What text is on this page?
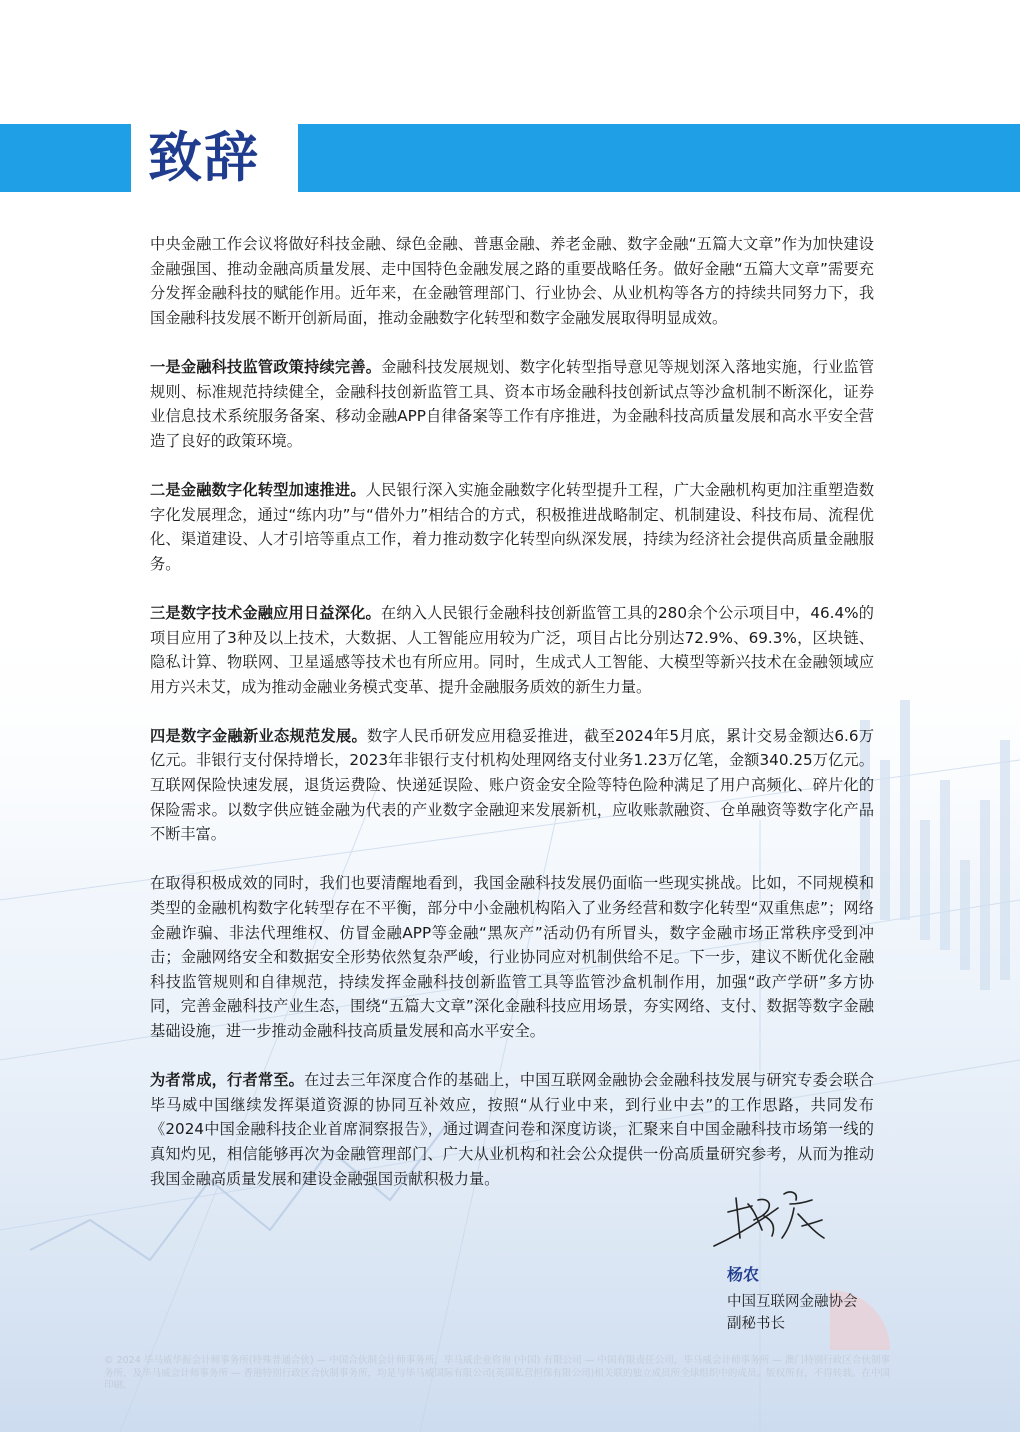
致辞

中央金融工作会议将做好科技金融、绿色金融、普惠金融、养老金融、数字金融“五篇大文章”作为加快建设金融强国、推动金融高质量发展、走中国特色金融发展之路的重要战略任务。做好金融“五篇大文章”需要充分发挥金融科技的赋能作用。近年来，在金融管理部门、行业协会、从业机构等各方的持续共同努力下，我国金融科技发展不断开创新局面，推动金融数字化转型和数字金融发展取得明显成效。

一是金融科技监管政策持续完善。金融科技发展规划、数字化转型指导意见等规划深入落地实施，行业监管规则、标准规范持续健全，金融科技创新监管工具、资本市场金融科技创新试点等沙盒机制不断深化，证券业信息技术系统服务备案、移动金融APP自律备案等工作有序推进，为金融科技高质量发展和高水平安全营造了良好的政策环境。

二是金融数字化转型加速推进。人民银行深入实施金融数字化转型提升工程，广大金融机构更加注重塑造数字化发展理念，通过“练内功”与“借外力”相结合的方式，积极推进战略制定、机制建设、科技布局、流程优化、渠道建设、人才引培等重点工作，着力推动数字化转型向纵深发展，持续为经济社会提供高质量金融服务。

三是数字技术金融应用日益深化。在纳入人民银行金融科技创新监管工具的280余个公示项目中，46.4%的项目应用了3种及以上技术，大数据、人工智能应用较为广泛，项目占比分别达72.9%、69.3%，区块链、隐私计算、物联网、卫星遥感等技术也有所应用。同时，生成式人工智能、大模型等新兴技术在金融领域应用方兴未艾，成为推动金融业务模式变革、提升金融服务质效的新生力量。

四是数字金融新业态规范发展。数字人民币研发应用稳妥推进，截至2024年5月底，累计交易金额达6.6万亿元。非银行支付保持增长，2023年非银行支付机构处理网络支付业务1.23万亿笔，金额340.25万亿元。互联网保险快速发展，退货运费险、快递延误险、账户资金安全险等特色险种满足了用户高频化、碎片化的保险需求。以数字供应链金融为代表的产业数字金融迎来发展新机，应收账款融资、仓单融资等数字化产品不断丰富。

在取得积极成效的同时，我们也要清醒地看到，我国金融科技发展仍面临一些现实挑战。比如，不同规模和类型的金融机构数字化转型存在不平衡，部分中小金融机构陷入了业务经营和数字化转型“双重焦虑”；网络金融诈骗、非法代理维权、仿冒金融APP等金融“黑灰产”活动仍有所冒头，数字金融市场正常秩序受到冲击；金融网络安全和数据安全形势依然复杂严峻，行业协同应对机制供给不足。下一步，建议不断优化金融科技监管规则和自律规范，持续发挥金融科技创新监管工具等监管沙盒机制作用，加强“政产学研”多方协同，完善金融科技产业生态，围绕“五篇大文章”深化金融科技应用场景，夯实网络、支付、数据等数字金融基础设施，进一步推动金融科技高质量发展和高水平安全。

为者常成，行者常至。在过去三年深度合作的基础上，中国互联网金融协会金融科技发展与研究专委会联合毕马威中国继续发挥渠道资源的协同互补效应，按照“从行业中来，到行业中去”的工作思路，共同发布《2024中国金融科技企业首席洞察报告》，通过调查问卷和深度访谈，汇聚来自中国金融科技市场第一线的真知灼见，相信能够再次为金融管理部门、广大从业机构和社会公众提供一份高质量研究参考，从而为推动我国金融高质量发展和建设金融强国贡献积极力量。

杨农
中国互联网金融协会
副秘书长
© 2024 毕马威华振会计师事务所(特殊普通合伙) — 中国合伙制会计师事务所，毕马威企业咨询 (中国) 有限公司 — 中国有限责任公司，毕马威会计师事务所 — 澳门特别行政区合伙制事务所，及毕马威会计师事务所 — 香港特别行政区合伙制事务所，均是与毕马威国际有限公司(英国私营担保有限公司)相关联的独立成员所全球组织中的成员。版权所有，不得转载。在中国印刷。
